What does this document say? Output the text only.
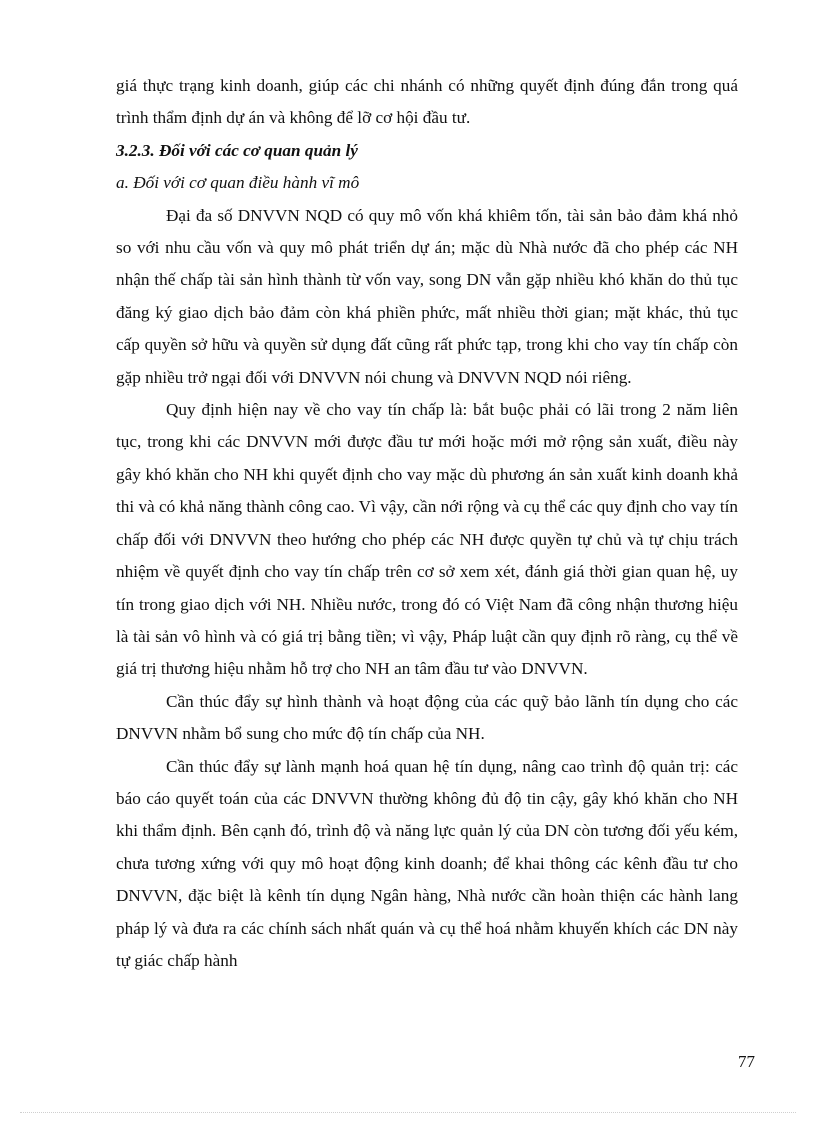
giá thực trạng kinh doanh, giúp các chi nhánh có những quyết định đúng đắn trong quá trình thẩm định dự án và không để lỡ cơ hội đầu tư.

3.2.3. Đối với các cơ quan quản lý

a. Đối với cơ quan điều hành vĩ mô

Đại đa số DNVVN NQD có quy mô vốn khá khiêm tốn, tài sản bảo đảm khá nhỏ so với nhu cầu vốn và quy mô phát triển dự án; mặc dù Nhà nước đã cho phép các NH nhận thế chấp tài sản hình thành từ vốn vay, song DN vẫn gặp nhiều khó khăn do thủ tục đăng ký giao dịch bảo đảm còn khá phiền phức, mất nhiều thời gian; mặt khác, thủ tục cấp quyền sở hữu và quyền sử dụng đất cũng rất phức tạp, trong khi cho vay tín chấp còn gặp nhiều trở ngại đối với DNVVN nói chung và DNVVN NQD nói riêng.

Quy định hiện nay về cho vay tín chấp là: bắt buộc phải có lãi trong 2 năm liên tục, trong khi các DNVVN mới được đầu tư mới hoặc mới mở rộng sản xuất, điều này gây khó khăn cho NH khi quyết định cho vay mặc dù phương án sản xuất kinh doanh khả thi và có khả năng thành công cao. Vì vậy, cần nới rộng và cụ thể các quy định cho vay tín chấp đối với DNVVN theo hướng cho phép các NH được quyền tự chủ và tự chịu trách nhiệm về quyết định cho vay tín chấp trên cơ sở xem xét, đánh giá thời gian quan hệ, uy tín trong giao dịch với NH. Nhiều nước, trong đó có Việt Nam đã công nhận thương hiệu là tài sản vô hình và có giá trị bằng tiền; vì vậy, Pháp luật cần quy định rõ ràng, cụ thể về giá trị thương hiệu nhằm hỗ trợ cho NH an tâm đầu tư vào DNVVN.

Cần thúc đẩy sự hình thành và hoạt động của các quỹ bảo lãnh tín dụng cho các DNVVN nhằm bổ sung cho mức độ tín chấp của NH.

Cần thúc đẩy sự lành mạnh hoá quan hệ tín dụng, nâng cao trình độ quản trị: các báo cáo quyết toán của các DNVVN thường không đủ độ tin cậy, gây khó khăn cho NH khi thẩm định. Bên cạnh đó, trình độ và năng lực quản lý của DN còn tương đối yếu kém, chưa tương xứng với quy mô hoạt động kinh doanh; để khai thông các kênh đầu tư cho DNVVN, đặc biệt là kênh tín dụng Ngân hàng, Nhà nước cần hoàn thiện các hành lang pháp lý và đưa ra các chính sách nhất quán và cụ thể hoá nhằm khuyến khích các DN này tự giác chấp hành

77
